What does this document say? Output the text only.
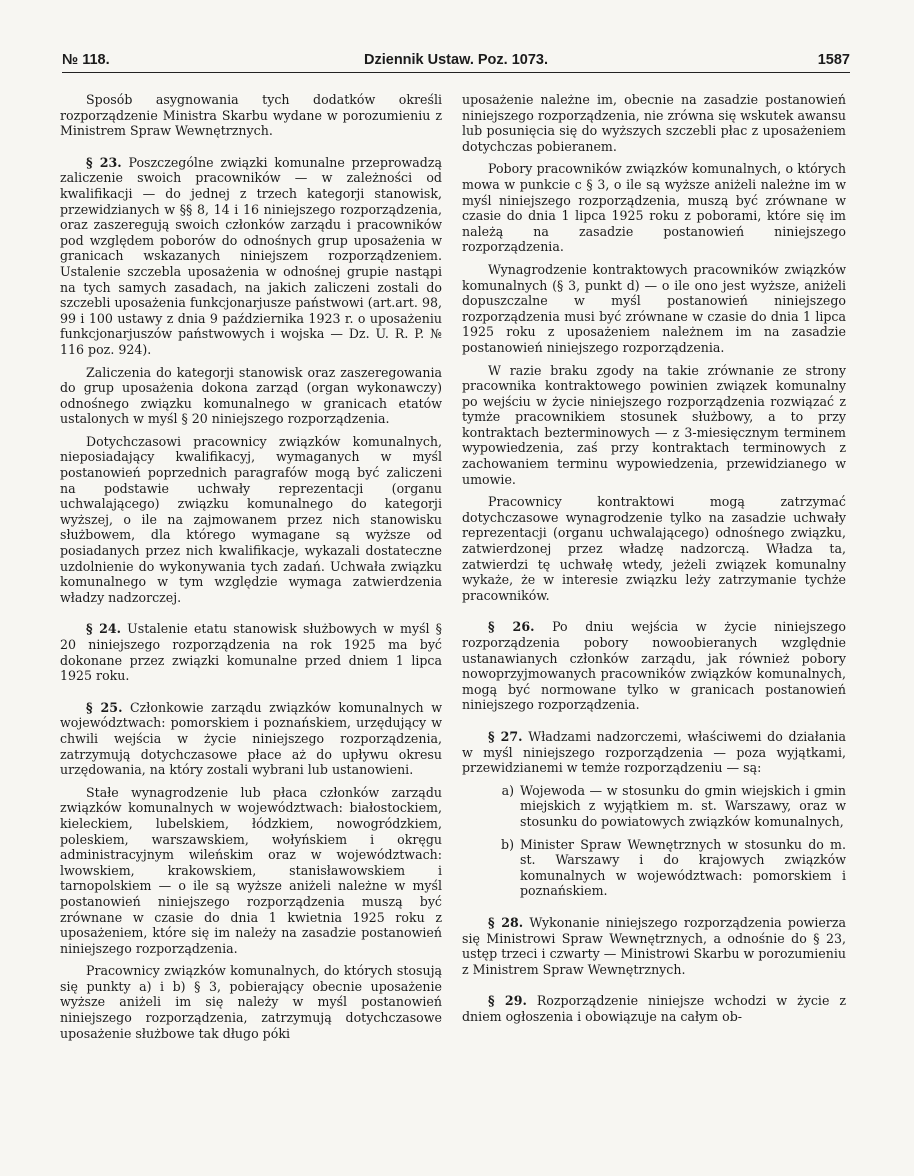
№ 118.	Dziennik Ustaw. Poz. 1073.	1587

Sposób asygnowania tych dodatków określi rozporządzenie Ministra Skarbu wydane w porozumieniu z Ministrem Spraw Wewnętrznych.

§ 23. Poszczególne związki komunalne przeprowadzą zaliczenie swoich pracowników — w zależności od kwalifikacji — do jednej z trzech kategorji stanowisk, przewidzianych w §§ 8, 14 i 16 niniejszego rozporządzenia, oraz zaszeregują swoich członków zarządu i pracowników pod względem poborów do odnośnych grup uposażenia w granicach wskazanych niniejszem rozporządzeniem. Ustalenie szczebla uposażenia w odnośnej grupie nastąpi na tych samych zasadach, na jakich zaliczeni zostali do szczebli uposażenia funkcjonarjusze państwowi (art.art. 98, 99 i 100 ustawy z dnia 9 października 1923 r. o uposażeniu funkcjonarjuszów państwowych i wojska — Dz. U. R. P. № 116 poz. 924).

Zaliczenia do kategorji stanowisk oraz zaszeregowania do grup uposażenia dokona zarząd (organ wykonawczy) odnośnego związku komunalnego w granicach etatów ustalonych w myśl § 20 niniejszego rozporządzenia.

Dotychczasowi pracownicy związków komunalnych, nieposiadający kwalifikacyj, wymaganych w myśl postanowień poprzednich paragrafów mogą być zaliczeni na podstawie uchwały reprezentacji (organu uchwalającego) związku komunalnego do kategorji wyższej, o ile na zajmowanem przez nich stanowisku służbowem, dla którego wymagane są wyższe od posiadanych przez nich kwalifikacje, wykazali dostateczne uzdolnienie do wykonywania tych zadań. Uchwała związku komunalnego w tym względzie wymaga zatwierdzenia władzy nadzorczej.

§ 24. Ustalenie etatu stanowisk służbowych w myśl § 20 niniejszego rozporządzenia na rok 1925 ma być dokonane przez związki komunalne przed dniem 1 lipca 1925 roku.

§ 25. Członkowie zarządu związków komunalnych w województwach: pomorskiem i poznańskiem, urzędujący w chwili wejścia w życie niniejszego rozporządzenia, zatrzymują dotychczasowe płace aż do upływu okresu urzędowania, na który zostali wybrani lub ustanowieni.

Stałe wynagrodzenie lub płaca członków zarządu związków komunalnych w województwach: białostockiem, kieleckiem, lubelskiem, łódzkiem, nowogródzkiem, poleskiem, warszawskiem, wołyńskiem i okręgu administracyjnym wileńskim oraz w województwach: lwowskiem, krakowskiem, stanisławowskiem i tarnopolskiem — o ile są wyższe aniżeli należne w myśl postanowień niniejszego rozporządzenia muszą być zrównane w czasie do dnia 1 kwietnia 1925 roku z uposażeniem, które się im należy na zasadzie postanowień niniejszego rozporządzenia.

Pracownicy związków komunalnych, do których stosują się punkty a) i b) § 3, pobierający obecnie uposażenie wyższe aniżeli im się należy w myśl postanowień niniejszego rozporządzenia, zatrzymują dotychczasowe uposażenie służbowe tak długo póki

uposażenie należne im, obecnie na zasadzie postanowień niniejszego rozporządzenia, nie zrówna się wskutek awansu lub posunięcia się do wyższych szczebli płac z uposażeniem dotychczas pobieranem.

Pobory pracowników związków komunalnych, o których mowa w punkcie c § 3, o ile są wyższe aniżeli należne im w myśl niniejszego rozporządzenia, muszą być zrównane w czasie do dnia 1 lipca 1925 roku z poborami, które się im należą na zasadzie postanowień niniejszego rozporządzenia.

Wynagrodzenie kontraktowych pracowników związków komunalnych (§ 3, punkt d) — o ile ono jest wyższe, aniżeli dopuszczalne w myśl postanowień niniejszego rozporządzenia musi być zrównane w czasie do dnia 1 lipca 1925 roku z uposażeniem należnem im na zasadzie postanowień niniejszego rozporządzenia.

W razie braku zgody na takie zrównanie ze strony pracownika kontraktowego powinien związek komunalny po wejściu w życie niniejszego rozporządzenia rozwiązać z tymże pracownikiem stosunek służbowy, a to przy kontraktach bezterminowych — z 3-miesięcznym terminem wypowiedzenia, zaś przy kontraktach terminowych z zachowaniem terminu wypowiedzenia, przewidzianego w umowie.

Pracownicy kontraktowi mogą zatrzymać dotychczasowe wynagrodzenie tylko na zasadzie uchwały reprezentacji (organu uchwalającego) odnośnego związku, zatwierdzonej przez władzę nadzorczą. Władza ta, zatwierdzi tę uchwałę wtedy, jeżeli związek komunalny wykaże, że w interesie związku leży zatrzymanie tychże pracowników.

§ 26. Po dniu wejścia w życie niniejszego rozporządzenia pobory nowoobieranych względnie ustanawianych członków zarządu, jak również pobory nowoprzyjmowanych pracowników związków komunalnych, mogą być normowane tylko w granicach postanowień niniejszego rozporządzenia.

§ 27. Władzami nadzorczemi, właściwemi do działania w myśl niniejszego rozporządzenia — poza wyjątkami, przewidzianemi w temże rozporządzeniu — są:

a) Wojewoda — w stosunku do gmin wiejskich i gmin miejskich z wyjątkiem m. st. Warszawy, oraz w stosunku do powiatowych związków komunalnych,
b) Minister Spraw Wewnętrznych w stosunku do m. st. Warszawy i do krajowych związków komunalnych w województwach: pomorskiem i poznańskiem.

§ 28. Wykonanie niniejszego rozporządzenia powierza się Ministrowi Spraw Wewnętrznych, a odnośnie do § 23, ustęp trzeci i czwarty — Ministrowi Skarbu w porozumieniu z Ministrem Spraw Wewnętrznych.

§ 29. Rozporządzenie niniejsze wchodzi w życie z dniem ogłoszenia i obowiązuje na całym ob-
